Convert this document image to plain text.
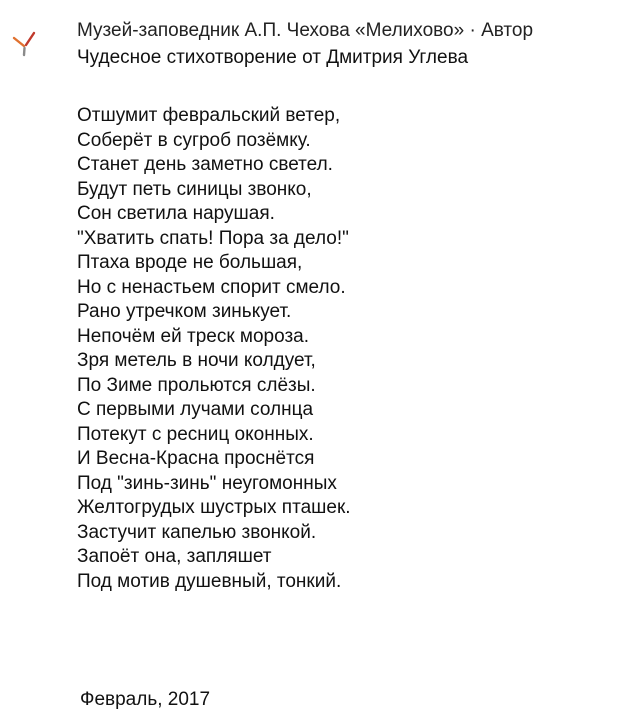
Музей-заповедник А.П. Чехова «Мелихово» · Автор
Чудесное стихотворение от Дмитрия Углева
Отшумит февральский ветер,
Соберёт в сугроб позёмку.
Станет день заметно светел.
Будут петь синицы звонко,
Сон светила нарушая.
"Хватить спать! Пора за дело!"
Птаха вроде не большая,
Но с ненастьем спорит смело.
Рано утречком зинькует.
Непочём ей треск мороза.
Зря метель в ночи колдует,
По Зиме прольются слёзы.
С первыми лучами солнца
Потекут с ресниц оконных.
И Весна-Красна проснётся
Под "зинь-зинь" неугомонных
Желтогрудых шустрых пташек.
Застучит капелью звонкой.
Запоёт она, запляшет
Под мотив душевный, тонкий.
Февраль, 2017
